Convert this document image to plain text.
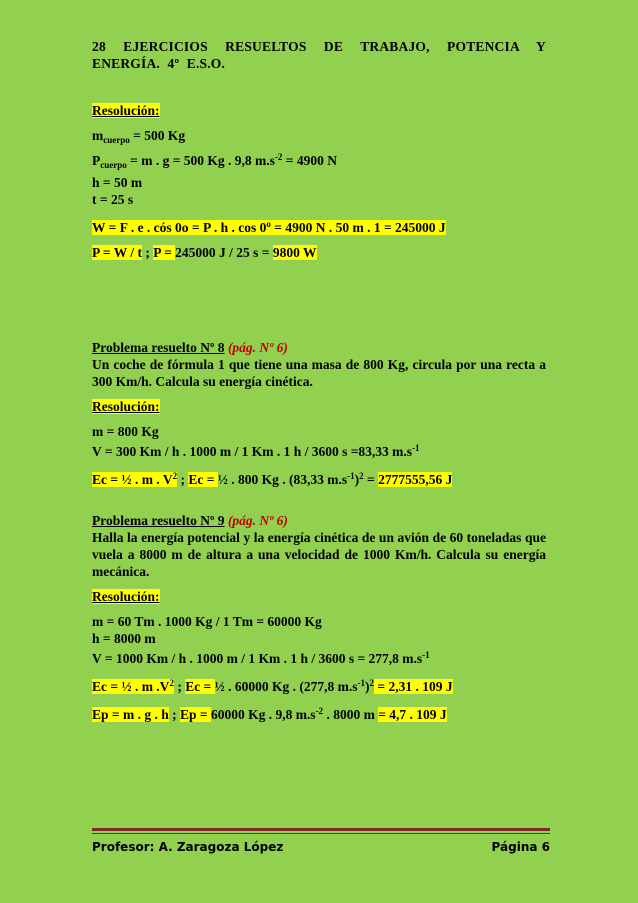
28 EJERCICIOS RESUELTOS DE TRABAJO, POTENCIA Y ENERGÍA. 4º E.S.O.
Resolución:
$m_{cuerpo} = 500$ Kg
$P_{cuerpo} = m$ . g = 500 Kg . 9,8 $m.s^{-2} = 4900$ N
h = 50 m
t = 25 s
W = F . e . cós 0o = P . h . $\cos 0^o = 4900$ N . 50 m . 1 = 245000 J
P = W / t ; P = 245000 J / 25 s = 9800 W
Problema resuelto Nº 8 (pág. Nº 6)
Un coche de fórmula 1 que tiene una masa de 800 Kg, circula por una recta a 300 Km/h. Calcula su energía cinética.
Resolución:
m = 800 Kg
V = 300 Km / h . 1000 m / 1 Km . 1 h / 3600 s =83,33 $m.s^{-1}$
Ec = ½ . m . $V^2$ ; Ec = ½ . 800 Kg . (83,33 $m.s^{-1})^2 = 2777555,56$ J
Problema resuelto Nº 9 (pág. Nº 6)
Halla la energía potencial y la energía cinética de un avión de 60 toneladas que vuela a 8000 m de altura a una velocidad de 1000 Km/h. Calcula su energía mecánica.
Resolución:
m = 60 Tm . 1000 Kg / 1 Tm = 60000 Kg
h = 8000 m
V = 1000 Km / h . 1000 m / 1 Km . 1 h / 3600 s = 277,8 $m.s^{-1}$
Ec = ½ . m $.V^2$ ; Ec = ½ . 60000 Kg . (277,8 $m.s^{-1})^2 = 2,31$ . 109 J
Ep = m . g . h ; Ep = 60000 Kg . 9,8 $m.s^{-2}$ . 8000 m = 4,7 . 109 J
Profesor: A. Zaragoza López	Página 6
